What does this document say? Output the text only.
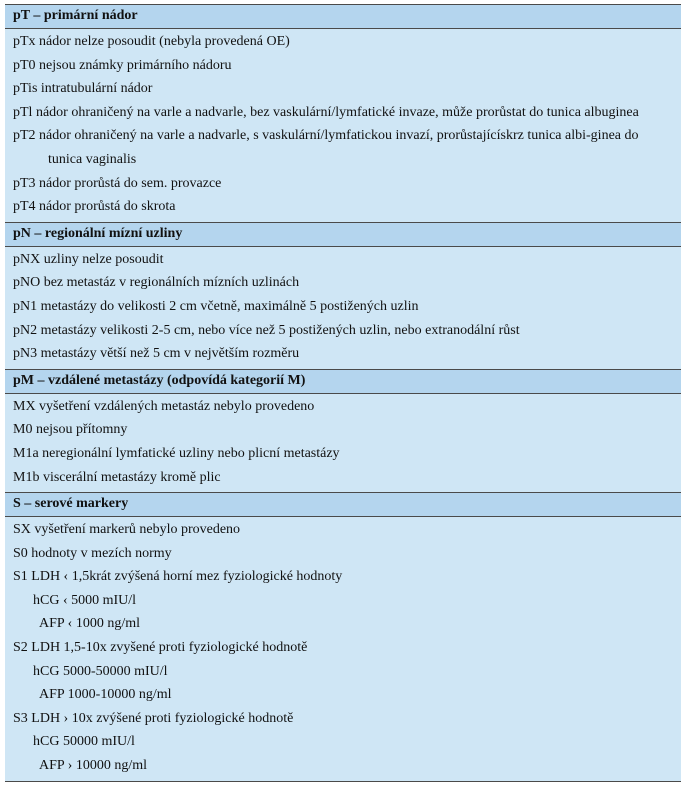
pT – primární nádor
pTx nádor nelze posoudit (nebyla provedená OE)
pT0 nejsou známky primárního nádoru
pTis intratubulární nádor
pTl nádor ohraničený na varle a nadvarle, bez vaskulární/lymfatické invaze, může prorůstat do tunica albuginea
pT2 nádor ohraničený na varle a nadvarle, s vaskulární/lymfatickou invazí, prorůstajícískrz tunica albi-ginea do tunica vaginalis
pT3 nádor prorůstá do sem. provazce
pT4 nádor prorůstá do skrota
pN – regionální mízní uzliny
pNX uzliny nelze posoudit
pNO bez metastáz v regionálních mízních uzlinách
pN1 metastázy do velikosti 2 cm včetně, maximálně 5 postižených uzlin
pN2 metastázy velikosti 2-5 cm, nebo více než 5 postižených uzlin, nebo extranodální růst
pN3 metastázy větší než 5 cm v největším rozměru
pM – vzdálené metastázy (odpovídá kategorií M)
MX vyšetření vzdálených metastáz nebylo provedeno
M0 nejsou přítomny
M1a neregionální lymfatické uzliny nebo plicní metastázy
M1b viscerální metastázy kromě plic
S – serové markery
SX vyšetření markerů nebylo provedeno
S0 hodnoty v mezích normy
S1 LDH ‹ 1,5krát zvýšená horní mez fyziologické hodnoty
hCG ‹ 5000 mIU/l
AFP ‹ 1000 ng/ml
S2 LDH 1,5-10x zvyšené proti fyziologické hodnotě
hCG 5000-50000 mIU/l
AFP 1000-10000 ng/ml
S3 LDH › 10x zvýšené proti fyziologické hodnotě
hCG 50000 mIU/l
AFP › 10000 ng/ml
